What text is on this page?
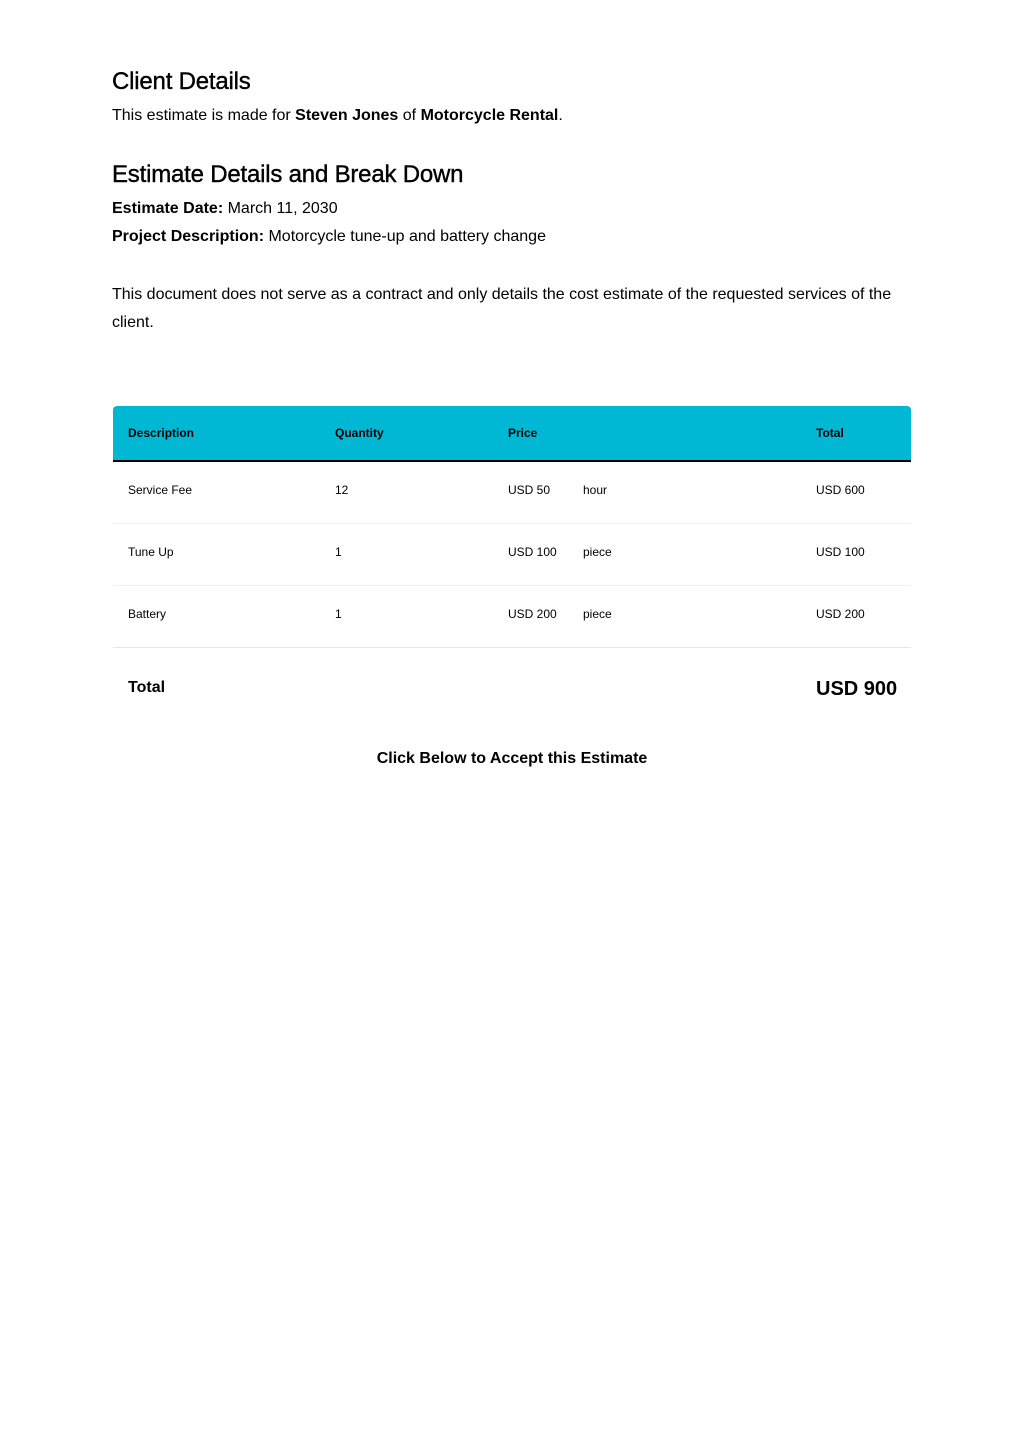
Client Details
This estimate is made for Steven Jones of Motorcycle Rental.
Estimate Details and Break Down
Estimate Date: March 11, 2030
Project Description: Motorcycle tune-up and battery change

This document does not serve as a contract and only details the cost estimate of the requested services of the client.

Description	Quantity	Price	Total
Service Fee	12	USD 50	hour	USD 600
Tune Up	1	USD 100 piece	USD 100
Battery	1	USD 200 piece	USD 200
Total	USD 900
Click Below to Accept this Estimate
